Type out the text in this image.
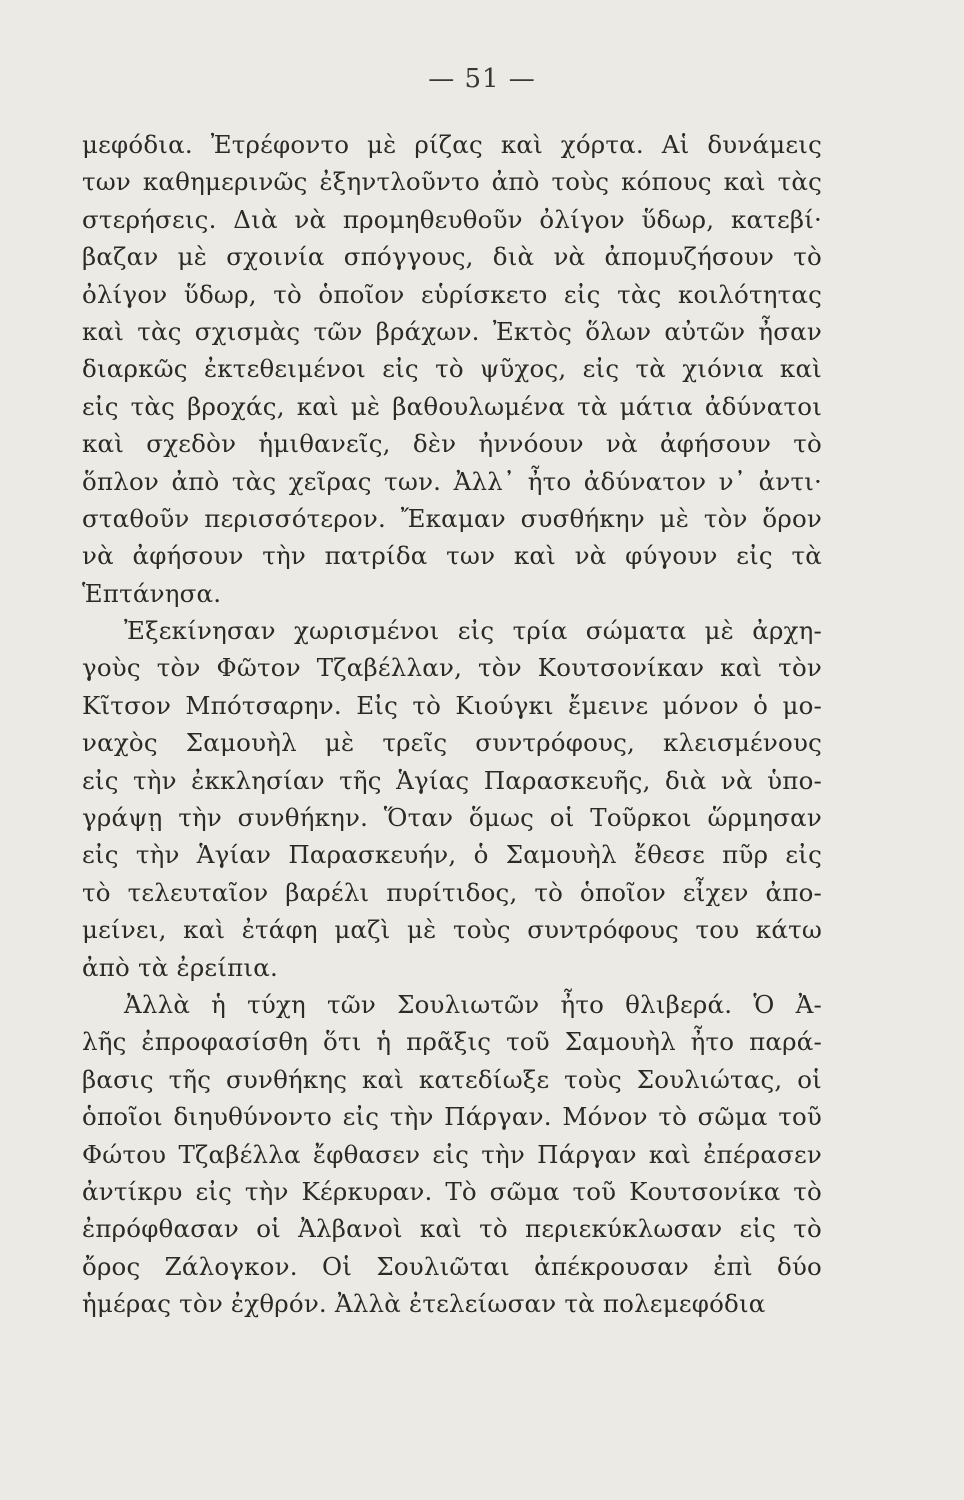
— 51 —
μεφόδια. Ἐτρέφοντο μὲ ρίζας καὶ χόρτα. Αἱ δυνάμεις
των καθημερινῶς ἐξηντλοῦντο ἀπὸ τοὺς κόπους καὶ τὰς
στερήσεις. Διὰ νὰ προμηθευθοῦν ὀλίγον ὕδωρ, κατεβί·
βαζαν μὲ σχοινία σπόγγους, διὰ νὰ ἀπομυζήσουν τὸ
ὀλίγον ὕδωρ, τὸ ὁποῖον εὑρίσκετο εἰς τὰς κοιλότητας
καὶ τὰς σχισμὰς τῶν βράχων. Ἐκτὸς ὅλων αὐτῶν ἦσαν
διαρκῶς ἐκτεθειμένοι εἰς τὸ ψῦχος, εἰς τὰ χιόνια καὶ
εἰς τὰς βροχάς, καὶ μὲ βαθουλωμένα τὰ μάτια ἀδύνατοι
καὶ σχεδὸν ἡμιθανεῖς, δὲν ἠννόουν νὰ ἀφήσουν τὸ
ὅπλον ἀπὸ τὰς χεῖρας των. Ἀλλ᾽ ἦτο ἀδύνατον ν᾽ ἀντι·
σταθοῦν περισσότερον. Ἔκαμαν συσθήκην μὲ τὸν ὅρον
νὰ ἀφήσουν τὴν πατρίδα των καὶ νὰ φύγουν εἰς τὰ
Ἑπτάνησα.
Ἐξεκίνησαν χωρισμένοι εἰς τρία σώματα μὲ ἀρχη-
γοὺς τὸν Φῶτον Τζαβέλλαν, τὸν Κουτσονίκαν καὶ τὸν
Κῖτσον Μπότσαρην. Εἰς τὸ Κιούγκι ἔμεινε μόνον ὁ μο-
ναχὸς Σαμουὴλ μὲ τρεῖς συντρόφους, κλεισμένους
εἰς τὴν ἐκκλησίαν τῆς Ἁγίας Παρασκευῆς, διὰ νὰ ὑπο-
γράψῃ τὴν συνθήκην. Ὅταν ὅμως οἱ Τοῦρκοι ὥρμησαν
εἰς τὴν Ἁγίαν Παρασκευήν, ὁ Σαμουὴλ ἔθεσε πῦρ εἰς
τὸ τελευταῖον βαρέλι πυρίτιδος, τὸ ὁποῖον εἶχεν ἀπο-
μείνει, καὶ ἐτάφη μαζὶ μὲ τοὺς συντρόφους του κάτω
ἀπὸ τὰ ἐρείπια.
Ἀλλὰ ἡ τύχη τῶν Σουλιωτῶν ἦτο θλιβερά. Ὁ Ἀ-
λῆς ἐπροφασίσθη ὅτι ἡ πρᾶξις τοῦ Σαμουὴλ ἦτο παρά-
βασις τῆς συνθήκης καὶ κατεδίωξε τοὺς Σουλιώτας, οἱ
ὁποῖοι διηυθύνοντο εἰς τὴν Πάργαν. Μόνον τὸ σῶμα τοῦ
Φώτου Τζαβέλλα ἔφθασεν εἰς τὴν Πάργαν καὶ ἐπέρασεν
ἀντίκρυ εἰς τὴν Κέρκυραν. Τὸ σῶμα τοῦ Κουτσονίκα τὸ
ἐπρόφθασαν οἱ Ἀλβανοὶ καὶ τὸ περιεκύκλωσαν εἰς τὸ
ὄρος Ζάλογκον. Οἱ Σουλιῶται ἀπέκρουσαν ἐπὶ δύο
ἡμέρας τὸν ἐχθρόν. Ἀλλὰ ἐτελείωσαν τὰ πολεμεφόδια
